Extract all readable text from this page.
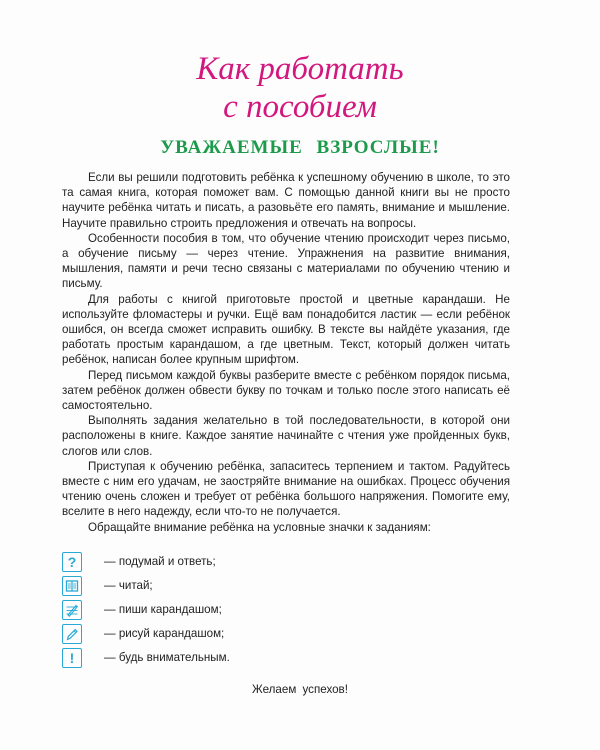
Как работать
с пособием
УВАЖАЕМЫЕ ВЗРОСЛЫЕ!

Если вы решили подготовить ребёнка к успешному обучению в школе, то это та самая книга, которая поможет вам. С помощью данной книги вы не просто научите ребёнка читать и писать, а разовьёте его память, внимание и мышление. Научите правильно строить предложения и отвечать на вопросы.

Особенности пособия в том, что обучение чтению происходит через письмо, а обучение письму — через чтение. Упражнения на развитие внимания, мышления, памяти и речи тесно связаны с материалами по обучению чтению и письму.

Для работы с книгой приготовьте простой и цветные карандаши. Не используйте фломастеры и ручки. Ещё вам понадобится ластик — если ребёнок ошибся, он всегда сможет исправить ошибку. В тексте вы найдёте указания, где работать простым карандашом, а где цветным. Текст, который должен читать ребёнок, написан более крупным шрифтом.

Перед письмом каждой буквы разберите вместе с ребёнком порядок письма, затем ребёнок должен обвести букву по точкам и только после этого написать её самостоятельно.

Выполнять задания желательно в той последовательности, в которой они расположены в книге. Каждое занятие начинайте с чтения уже пройденных букв, слогов или слов.

Приступая к обучению ребёнка, запаситесь терпением и тактом. Радуйтесь вместе с ним его удачам, не заостряйте внимание на ошибках. Процесс обучения чтению очень сложен и требует от ребёнка большого напряжения. Помогите ему, вселите в него надежду, если что-то не получается.

Обращайте внимание ребёнка на условные значки к заданиям:

?	— подумай и ответь;
— читай;
— пиши карандашом;
— рисуй карандашом;
!	— будь внимательным.
Желаем успехов!
